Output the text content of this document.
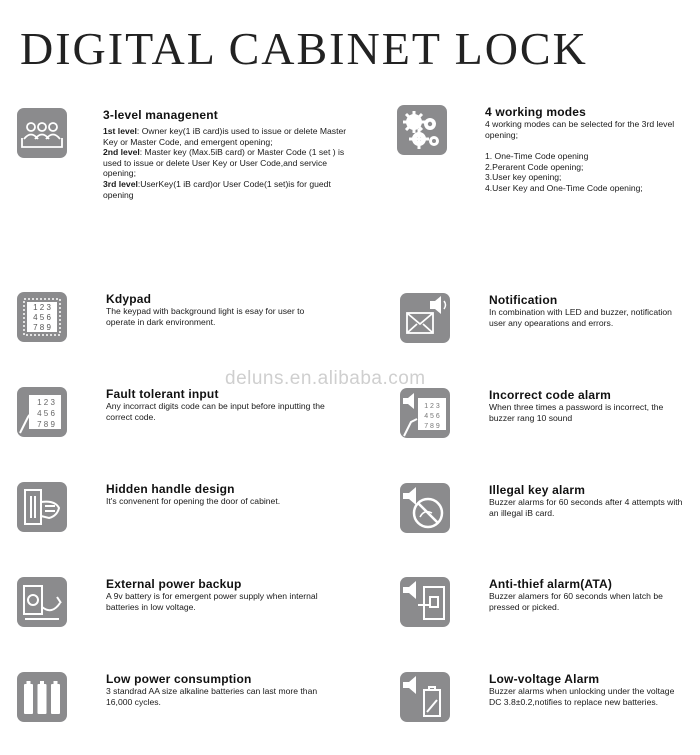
DIGITAL CABINET LOCK
3-level managenent

1st level: Owner key(1 iB card)is used to issue or delete Master Key or Master Code, and emergent opening;

2nd level: Master key (Max.5iB card) or Master Code (1 set ) is used to issue or delete User Key or User Code,and service opening;

3rd level:UserKey(1 iB card)or User Code(1 set)is for guedt opening

4 working modes
4 working modes can be selected for the 3rd level opening;

1. One-Time Code opening

2.Perarent Code opening;

3.User key opening;

4.User Key and One-Time Code opening;

1 2 3
4 5 6
7 8 9
Kdypad
The keypad with background light is esay for user to operate in dark environment.
Notification
In combination with LED and buzzer, notification user any opearations and errors.
1 2 3
4 5 6
7 8 9
Fault tolerant input
Any incorract digits code can be input before inputting the correct code.
1 2 3
4 5 6
7 8 9
Incorrect code alarm
When three times a password is incorrect, the buzzer rang 10 sound
Hidden handle design
It's convenent for opening the door of cabinet.
Illegal key alarm
Buzzer alarms for 60 seconds after 4 attempts with an illegal iB card.
External power backup
A 9v battery is for emergent power supply when internal batteries in low voltage.
Anti-thief alarm(ATA)
Buzzer alamers for 60 seconds when latch be pressed or picked.
Low power consumption
3 standrad AA size alkaline batteries can last more than 16,000 cycles.
Low-voltage Alarm
Buzzer alarms when unlocking under the voltage DC 3.8±0.2,notifies to replace new batteries.
deluns.en.alibaba.com
